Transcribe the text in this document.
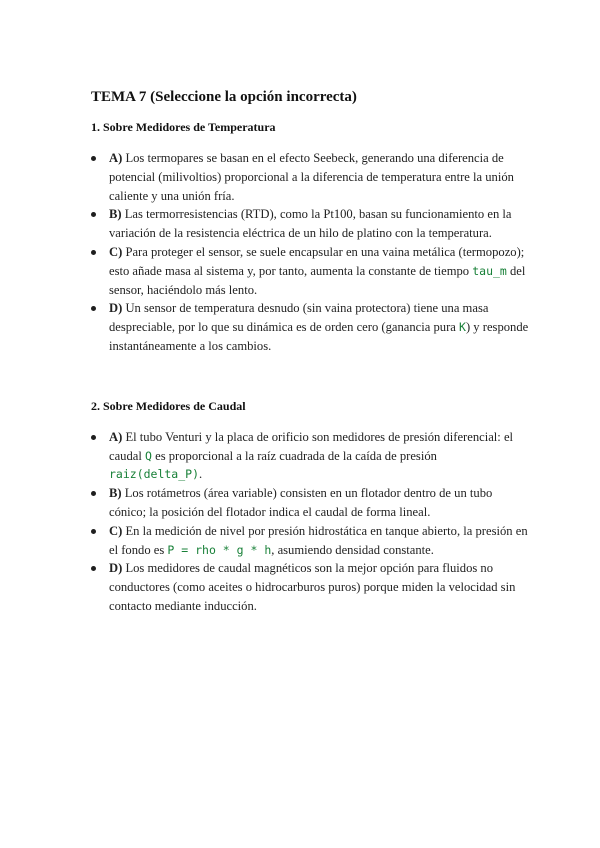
TEMA 7 (Seleccione la opción incorrecta)
1. Sobre Medidores de Temperatura
A) Los termopares se basan en el efecto Seebeck, generando una diferencia de potencial (milivoltios) proporcional a la diferencia de temperatura entre la unión caliente y una unión fría.
B) Las termorresistencias (RTD), como la Pt100, basan su funcionamiento en la variación de la resistencia eléctrica de un hilo de platino con la temperatura.
C) Para proteger el sensor, se suele encapsular en una vaina metálica (termopozo); esto añade masa al sistema y, por tanto, aumenta la constante de tiempo tau_m del sensor, haciéndolo más lento.
D) Un sensor de temperatura desnudo (sin vaina protectora) tiene una masa despreciable, por lo que su dinámica es de orden cero (ganancia pura K) y responde instantáneamente a los cambios.
2. Sobre Medidores de Caudal
A) El tubo Venturi y la placa de orificio son medidores de presión diferencial: el caudal Q es proporcional a la raíz cuadrada de la caída de presión raiz(delta_P).
B) Los rotámetros (área variable) consisten en un flotador dentro de un tubo cónico; la posición del flotador indica el caudal de forma lineal.
C) En la medición de nivel por presión hidrostática en tanque abierto, la presión en el fondo es P = rho * g * h, asumiendo densidad constante.
D) Los medidores de caudal magnéticos son la mejor opción para fluidos no conductores (como aceites o hidrocarburos puros) porque miden la velocidad sin contacto mediante inducción.
